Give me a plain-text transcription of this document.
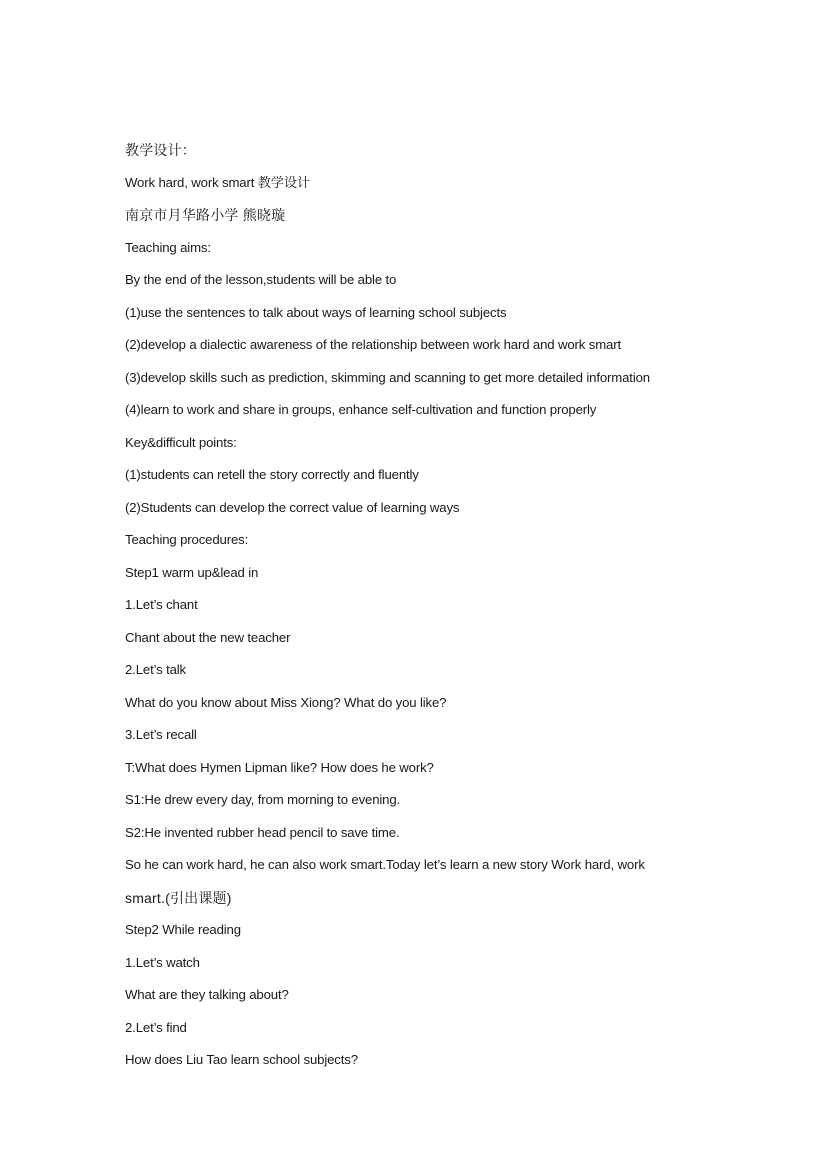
教学设计：
Work hard, work smart 教学设计
南京市月华路小学 熊晓璇
Teaching aims:
By the end of the lesson,students will be able to
(1)use the sentences to talk about ways of learning school subjects
(2)develop a dialectic awareness of the relationship between work hard and work smart
(3)develop skills such as prediction, skimming and scanning to get more detailed information
(4)learn to work and share in groups, enhance self-cultivation and function properly
Key&difficult points:
(1)students can retell the story correctly and fluently
(2)Students can develop the correct value of learning ways
Teaching procedures:
Step1 warm up&lead in
1.Let’s chant
Chant about the new teacher
2.Let’s talk
What do you know about Miss Xiong? What do you like?
3.Let’s recall
T:What does Hymen Lipman like? How does he work?
S1:He drew every day, from morning to evening.
S2:He invented rubber head pencil to save time.
So he can work hard, he can also work smart.Today let’s learn a new story Work hard, work
smart.(引出课题)
Step2 While reading
1.Let’s watch
What are they talking about?
2.Let’s find
How does Liu Tao learn school subjects?
